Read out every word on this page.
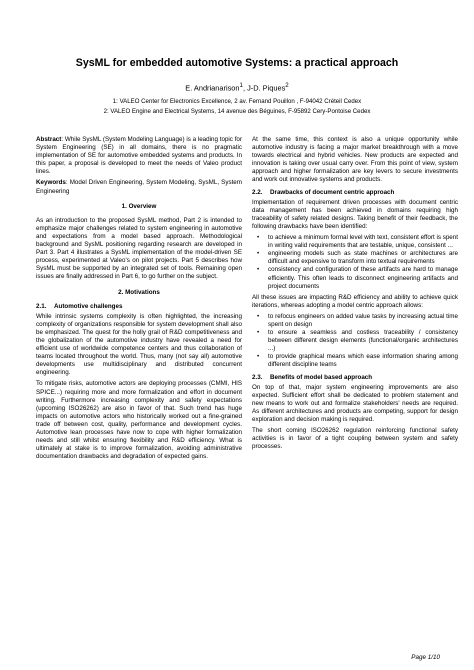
SysML for embedded automotive Systems: a practical approach
E. Andrianarison$^1$, J-D. Piques$^2$
1: VALEO Center for Electronics Excellence, 2 av. Fernand Pouillon , F-94042 Créteil Cedex
2: VALEO Engine and Electrical Systems, 14 avenue des Béguines, F-95892 Cery-Pontoise Cedex

Abstract: While SysML (System Modeling Language) is a leading topic for System Engineering (SE) in all domains, there is no pragmatic implementation of SE for automotive embedded systems and products. In this paper, a proposal is developed to meet the needs of Valeo product lines.

Keywords: Model Driven Engineering, System Modeling, SysML, System Engineering

1. Overview

As an introduction to the proposed SysML method, Part 2 is intended to emphasize major challenges related to system engineering in automotive and expectations from a model based approach. Methodological background and SysML positioning regarding research are developed in Part 3. Part 4 illustrates a SysML implementation of the model-driven SE process, experimented at Valeo's on pilot projects. Part 5 describes how SysML must be supported by an integrated set of tools. Remaining open issues are finally addressed in Part 6, to go further on the subject.

2. Motivations
2.1. Automotive challenges

While intrinsic systems complexity is often highlighted, the increasing complexity of organizations responsible for system development shall also be emphasized. The quest for the holly grail of R&D competitiveness and the globalization of the automotive industry have revealed a need for efficient use of worldwide competence centers and thus collaboration of teams located throughout the world. Thus, many (not say all) automotive developments use multidisciplinary and distributed concurrent engineering.

To mitigate risks, automotive actors are deploying processes (CMMI, HIS SPICE...) requiring more and more formalization and effort in document writing. Furthermore increasing complexity and safety expectations (upcoming ISO26262) are also in favor of that. Such trend has huge impacts on automotive actors who historically worked out a fine-grained trade off between cost, quality, performance and development cycles. Automotive lean processes have now to cope with higher formalization needs and still whilst ensuring flexibility and R&D efficiency. What is ultimately at stake is to improve formalization, avoiding administrative documentation drawbacks and degradation of expected gains.

At the same time, this context is also a unique opportunity while automotive industry is facing a major market breakthrough with a move towards electrical and hybrid vehicles. New products are expected and innovation is taking over usual carry over. From this point of view, system approach and higher formalization are key levers to secure investments and work out innovative systems and products.

2.2. Drawbacks of document centric approach

Implementation of requirement driven processes with document centric data management has been achieved in domains requiring high traceability of safety related designs. Taking benefit of their feedback, the following drawbacks have been identified:

• to achieve a minimum formal level with text, consistent effort is spent in writing valid requirements that are testable, unique, consistent ...
• engineering models such as state machines or architectures are difficult and expensive to transform into textual requirements
• consistency and configuration of these artifacts are hard to manage efficiently. This often leads to disconnect engineering artifacts and project documents

All these issues are impacting R&D efficiency and ability to achieve quick iterations, whereas adopting a model centric approach allows:

• to refocus engineers on added value tasks by increasing actual time spent on design
• to ensure a seamless and costless traceability / consistency between different design elements (functional/organic architectures ...)
• to provide graphical means which ease information sharing among different discipline teams
2.3. Benefits of model based approach

On top of that, major system engineering improvements are also expected. Sufficient effort shall be dedicated to problem statement and new means to work out and formalize stakeholders' needs are required. As different architectures and products are competing, support for design exploration and decision making is required.

The short coming ISO26262 regulation reinforcing functional safety activities is in favor of a tight coupling between system and safety processes.

Page 1/10
